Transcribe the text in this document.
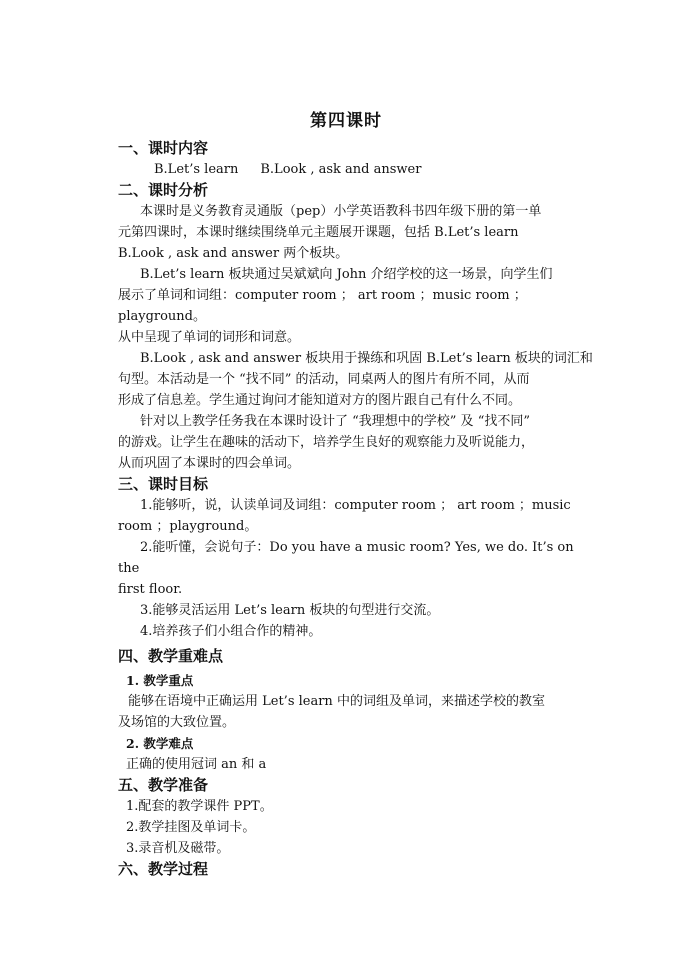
第四课时
一、课时内容
B.Let’s learn B.Look , ask and answer
二、课时分析
本课时是义务教育灵通版（pep）小学英语教科书四年级下册的第一单
元第四课时，本课时继续围绕单元主题展开课题，包括 B.Let’s learn
B.Look , ask and answer 两个板块。
B.Let’s learn 板块通过吴斌斌向 John 介绍学校的这一场景，向学生们
展示了单词和词组：computer room ； art room ；music room ；
playground。
从中呈现了单词的词形和词意。
B.Look , ask and answer 板块用于操练和巩固 B.Let’s learn 板块的词汇和
句型。本活动是一个 “找不同” 的活动，同桌两人的图片有所不同，从而
形成了信息差。学生通过询问才能知道对方的图片跟自己有什么不同。
针对以上教学任务我在本课时设计了 “我理想中的学校” 及 “找不同”
的游戏。让学生在趣味的活动下，培养学生良好的观察能力及听说能力，
从而巩固了本课时的四会单词。
三、课时目标
1.能够听，说，认读单词及词组：computer room ； art room ；music
room ；playground。
2.能听懂，会说句子：Do you have a music room? Yes, we do. It’s on
the
first floor.
3.能够灵活运用 Let’s learn 板块的句型进行交流。
4.培养孩子们小组合作的精神。
四、教学重难点
1. 教学重点
能够在语境中正确运用 Let’s learn 中的词组及单词，来描述学校的教室
及场馆的大致位置。
2. 教学难点
正确的使用冠词 an 和 a
五、教学准备
1.配套的教学课件 PPT。
2.教学挂图及单词卡。
3.录音机及磁带。
六、教学过程
